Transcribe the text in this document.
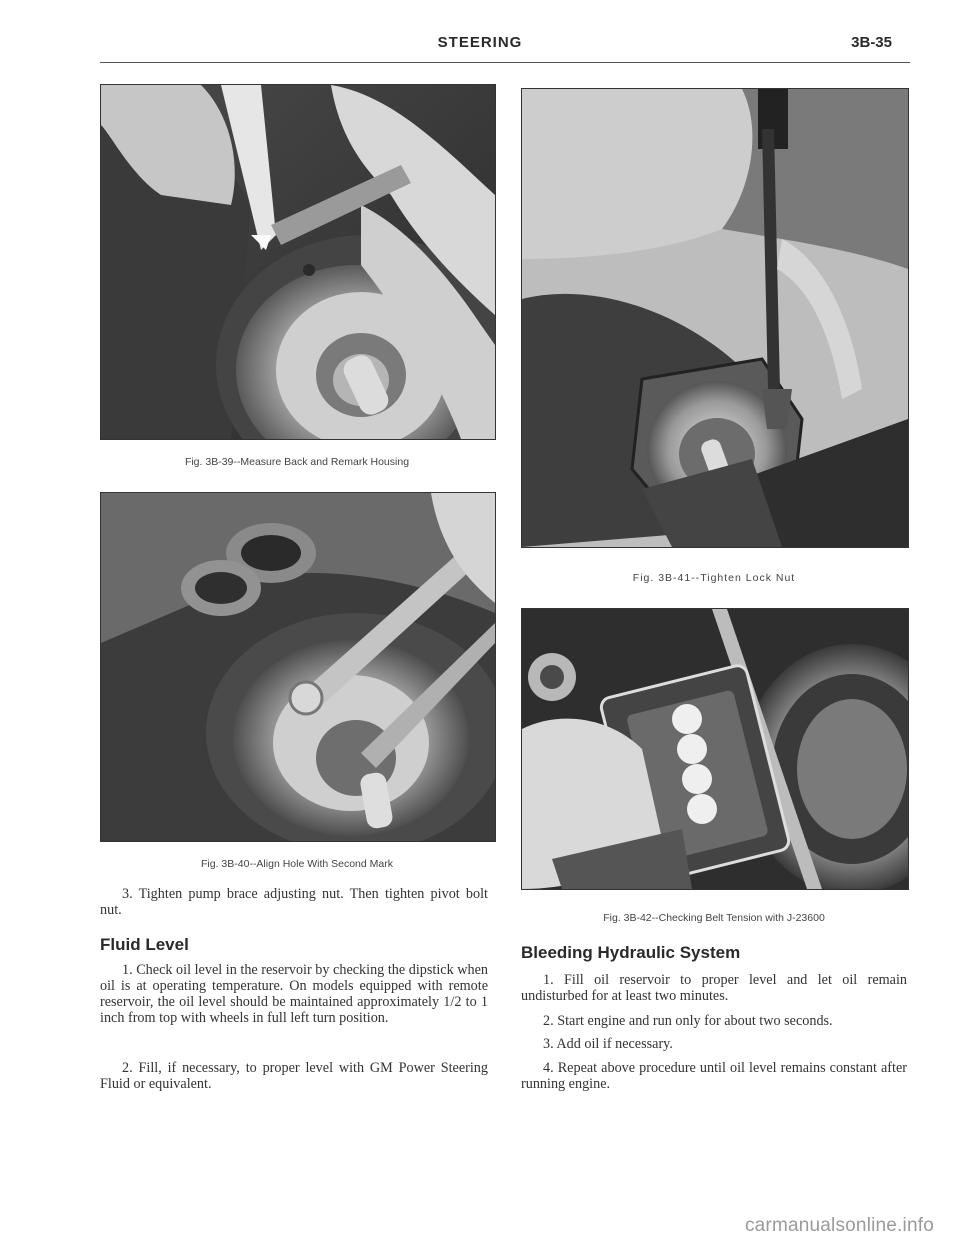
STEERING	3B-35
Fig. 3B-39--Measure Back and Remark Housing
Fig. 3B-40--Align Hole With Second Mark
3. Tighten pump brace adjusting nut. Then tighten pivot bolt nut.
Fluid Level
1. Check oil level in the reservoir by checking the dipstick when oil is at operating temperature. On models equipped with remote reservoir, the oil level should be maintained approximately 1/2 to 1 inch from top with wheels in full left turn position.
2. Fill, if necessary, to proper level with GM Power Steering Fluid or equivalent.
Fig. 3B-41--Tighten Lock Nut
Fig. 3B-42--Checking Belt Tension with J-23600
Bleeding Hydraulic System
1. Fill oil reservoir to proper level and let oil remain undisturbed for at least two minutes.
2. Start engine and run only for about two seconds.
3. Add oil if necessary.
4. Repeat above procedure until oil level remains constant after running engine.
carmanualsonline.info
